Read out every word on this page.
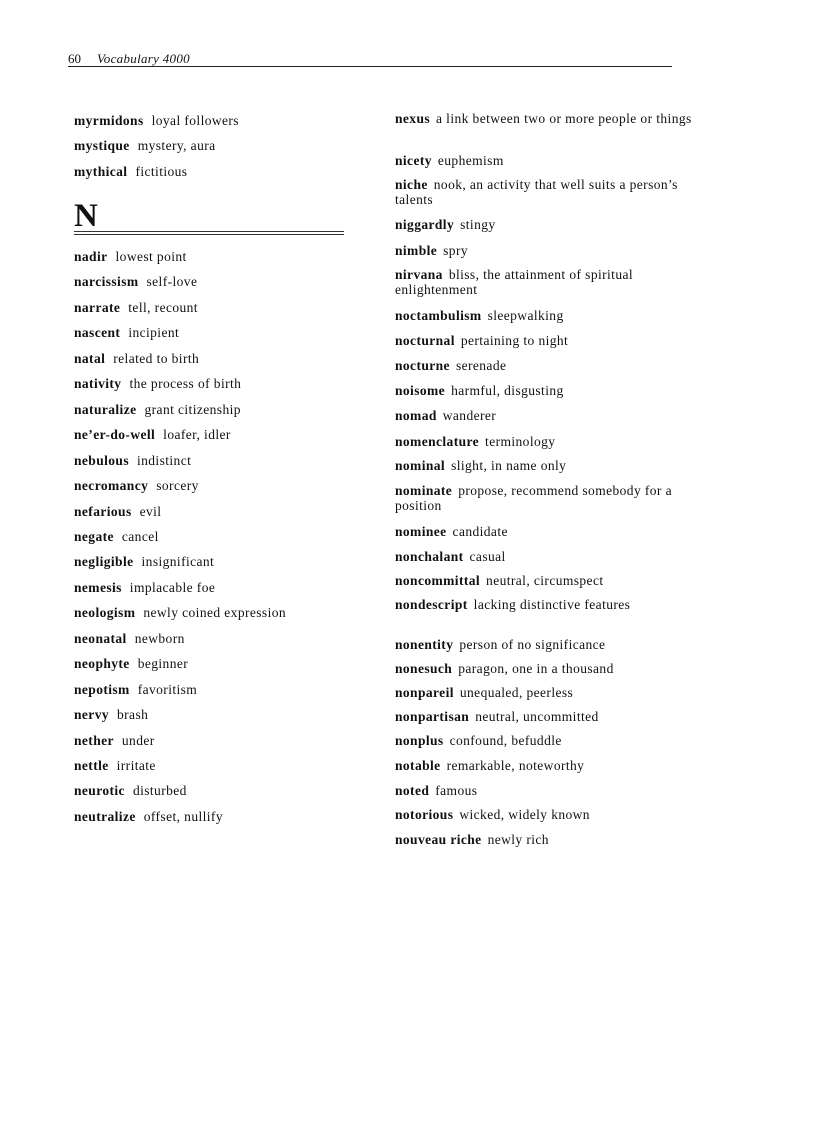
60 Vocabulary 4000
myrmidons loyal followers
mystique mystery, aura
mythical fictitious
nadir lowest point
narcissism self-love
narrate tell, recount
nascent incipient
natal related to birth
nativity the process of birth
naturalize grant citizenship
ne’er-do-well loafer, idler
nebulous indistinct
necromancy sorcery
nefarious evil
negate cancel
negligible insignificant
nemesis implacable foe
neologism newly coined expression
neonatal newborn
neophyte beginner
nepotism favoritism
nervy brash
nether under
nettle irritate
neurotic disturbed
neutralize offset, nullify
N
nexus a link between two or more people or things
nicety euphemism
niche nook, an activity that well suits a person’s talents
niggardly stingy
nimble spry
nirvana bliss, the attainment of spiritual enlightenment
noctambulism sleepwalking
nocturnal pertaining to night
nocturne serenade
noisome harmful, disgusting
nomad wanderer
nomenclature terminology
nominal slight, in name only
nominate propose, recommend somebody for a position
nominee candidate
nonchalant casual
noncommittal neutral, circumspect
nondescript lacking distinctive features
nonentity person of no significance
nonesuch paragon, one in a thousand
nonpareil unequaled, peerless
nonpartisan neutral, uncommitted
nonplus confound, befuddle
notable remarkable, noteworthy
noted famous
notorious wicked, widely known
nouveau riche newly rich
